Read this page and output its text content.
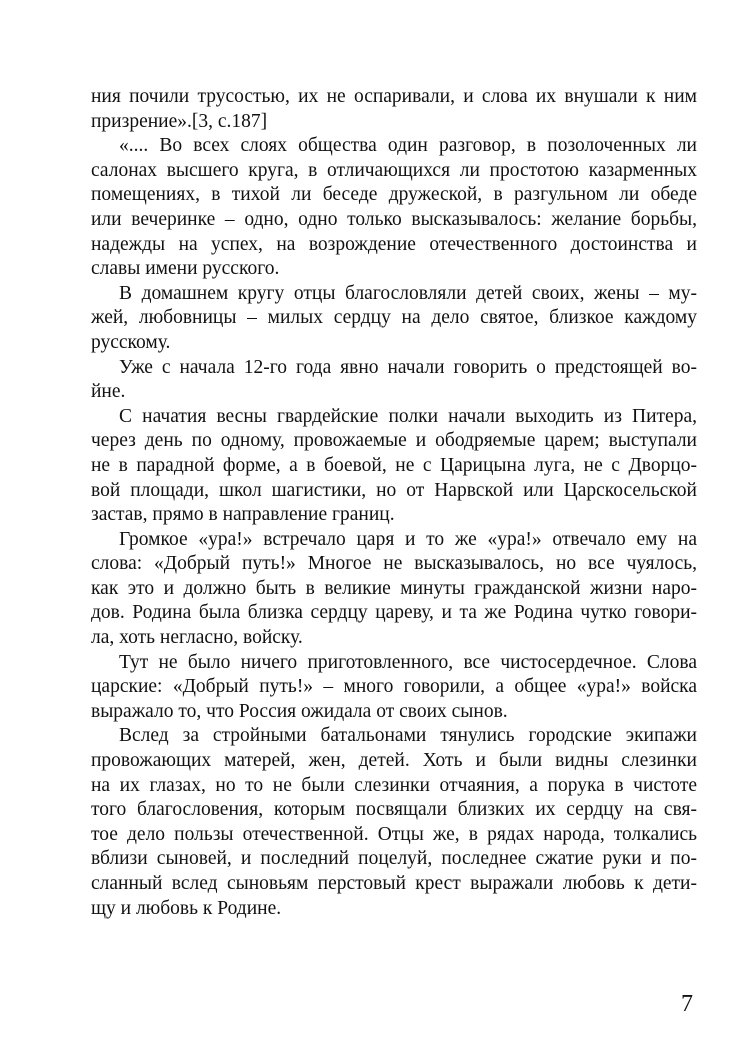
ния почили трусостью, их не оспаривали, и слова их внушали к ним
призрение».[3, с.187]

«.... Во всех слоях общества один разговор, в позолоченных ли
салонах высшего круга, в отличающихся ли простотою казарменных
помещениях, в тихой ли беседе дружеской, в разгульном ли обеде
или вечеринке – одно, одно только высказывалось: желание борьбы,
надежды на успех, на возрождение отечественного достоинства и
славы имени русского.

В домашнем кругу отцы благословляли детей своих, жены – му-
жей, любовницы – милых сердцу на дело святое, близкое каждому
русскому.

Уже с начала 12-го года явно начали говорить о предстоящей во-
йне.

С начатия весны гвардейские полки начали выходить из Питера,
через день по одному, провожаемые и ободряемые царем; выступали
не в парадной форме, а в боевой, не с Царицына луга, не с Дворцо-
вой площади, школ шагистики, но от Нарвской или Царскосельской
застав, прямо в направление границ.

Громкое «ура!» встречало царя и то же «ура!» отвечало ему на
слова: «Добрый путь!» Многое не высказывалось, но все чуялось,
как это и должно быть в великие минуты гражданской жизни наро-
дов. Родина была близка сердцу цареву, и та же Родина чутко говори-
ла, хоть негласно, войску.

Тут не было ничего приготовленного, все чистосердечное. Слова
царские: «Добрый путь!» – много говорили, а общее «ура!» войска
выражало то, что Россия ожидала от своих сынов.

Вслед за стройными батальонами тянулись городские экипажи
провожающих матерей, жен, детей. Хоть и были видны слезинки
на их глазах, но то не были слезинки отчаяния, а порука в чистоте
того благословения, которым посвящали близких их сердцу на свя-
тое дело пользы отечественной. Отцы же, в рядах народа, толкались
вблизи сыновей, и последний поцелуй, последнее сжатие руки и по-
сланный вслед сыновьям перстовый крест выражали любовь к дети-
щу и любовь к Родине.

7
